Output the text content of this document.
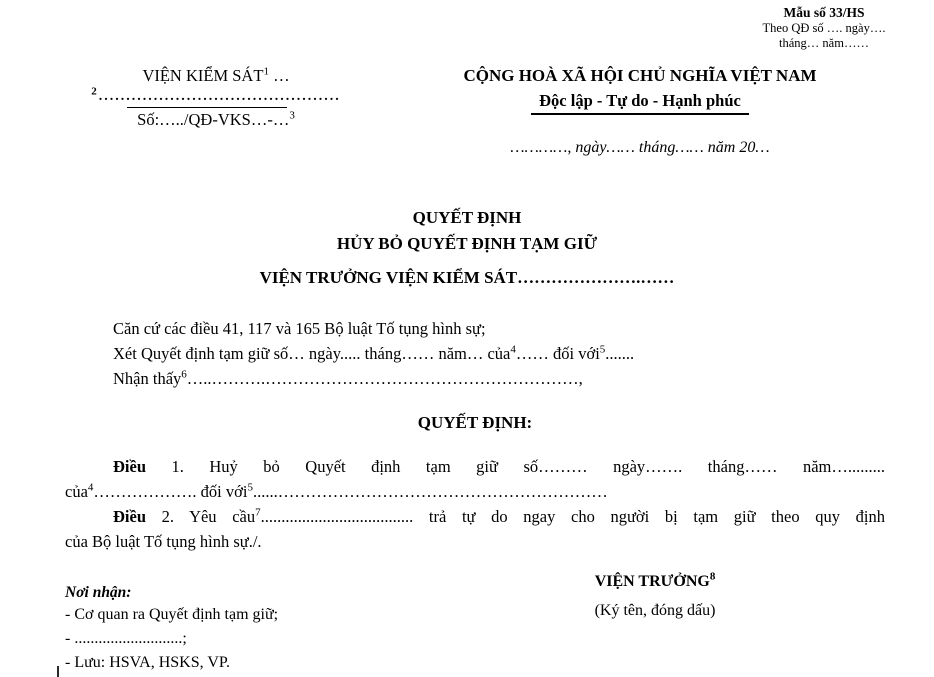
Mẫu số 33/HS
Theo QĐ số …. ngày….
tháng… năm……
VIỆN KIỂM SÁT$^1$ …
$^2$............................................
Số:…../QĐ-VKS…-…$^3$
CỘNG HOÀ XÃ HỘI CHỦ NGHĨA VIỆT NAM
Độc lập - Tự do - Hạnh phúc
…………, ngày…… tháng…… năm 20…
QUYẾT ĐỊNH
HỦY BỎ QUYẾT ĐỊNH TẠM GIỮ
VIỆN TRƯỞNG VIỆN KIỂM SÁT………………….……
Căn cứ các điều 41, 117 và 165 Bộ luật Tố tụng hình sự;
Xét Quyết định tạm giữ số… ngày..... tháng…… năm… của$^4$…… đối với$^5$.......
Nhận thấy$^6$…..……….…………………………………………………,
QUYẾT ĐỊNH:
Điều 1. Huỷ bỏ Quyết định tạm giữ số……… ngày……. tháng…… năm….........
của$^4$………………. đối với$^5$......……………………………………………………
Điều 2. Yêu cầu$^7$..................................... trả tự do ngay cho người bị tạm giữ theo quy định
của Bộ luật Tố tụng hình sự./.
Nơi nhận:
- Cơ quan ra Quyết định tạm giữ;
- ...........................;
- Lưu: HSVA, HSKS, VP.
VIỆN TRƯỞNG$^8$
(Ký tên, đóng dấu)
